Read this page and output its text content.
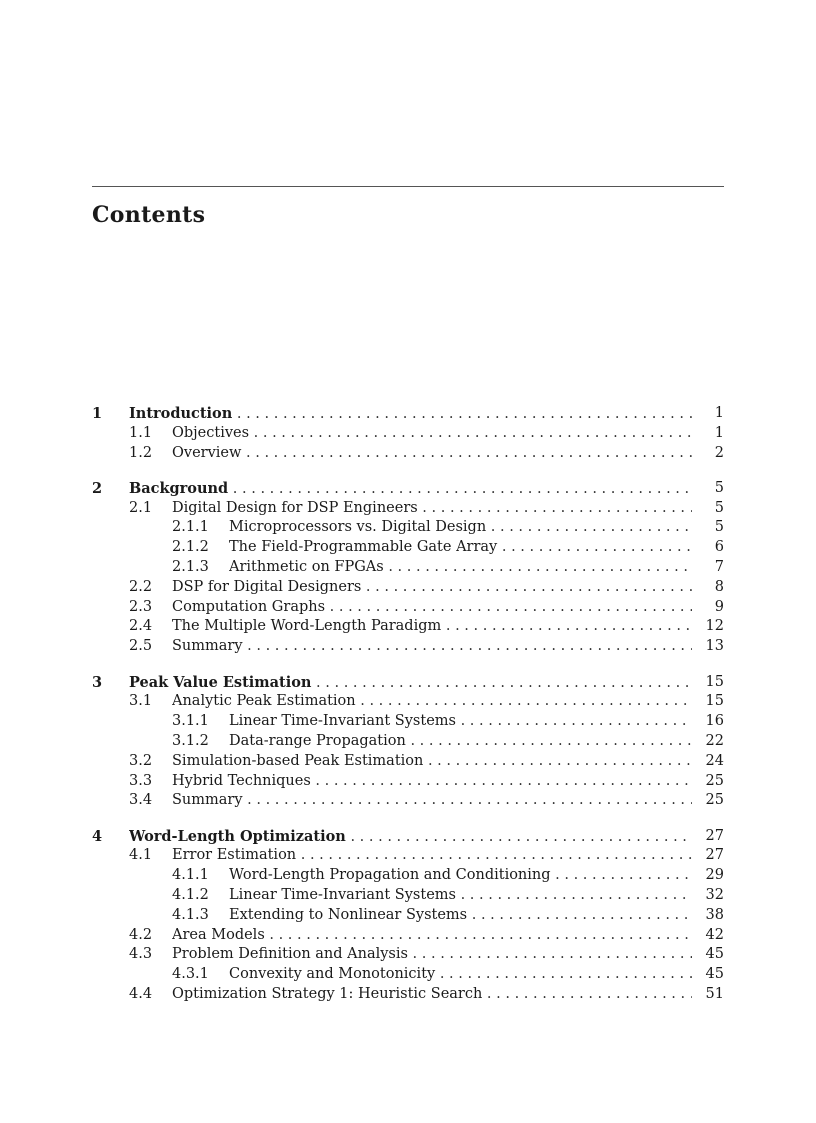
Contents
1 Introduction . . .	1
1.1 Objectives . . .	1
1.2 Overview . . .	2
2 Background . . .	5
2.1 Digital Design for DSP Engineers . . .	5
2.1.1 Microprocessors vs. Digital Design . . .	5
2.1.2 The Field-Programmable Gate Array . . .	6
2.1.3 Arithmetic on FPGAs . . .	7
2.2 DSP for Digital Designers . . .	8
2.3 Computation Graphs . . .	9
2.4 The Multiple Word-Length Paradigm . . .	12
2.5 Summary . . .	13
3 Peak Value Estimation . . .	15
3.1 Analytic Peak Estimation . . .	15
3.1.1 Linear Time-Invariant Systems . . .	16
3.1.2 Data-range Propagation . . .	22
3.2 Simulation-based Peak Estimation . . .	24
3.3 Hybrid Techniques . . .	25
3.4 Summary . . .	25
4 Word-Length Optimization . . .	27
4.1 Error Estimation . . .	27
4.1.1 Word-Length Propagation and Conditioning . . .	29
4.1.2 Linear Time-Invariant Systems . . .	32
4.1.3 Extending to Nonlinear Systems . . .	38
4.2 Area Models . . .	42
4.3 Problem Definition and Analysis . . .	45
4.3.1 Convexity and Monotonicity . . .	45
4.4 Optimization Strategy 1: Heuristic Search . . .	51
